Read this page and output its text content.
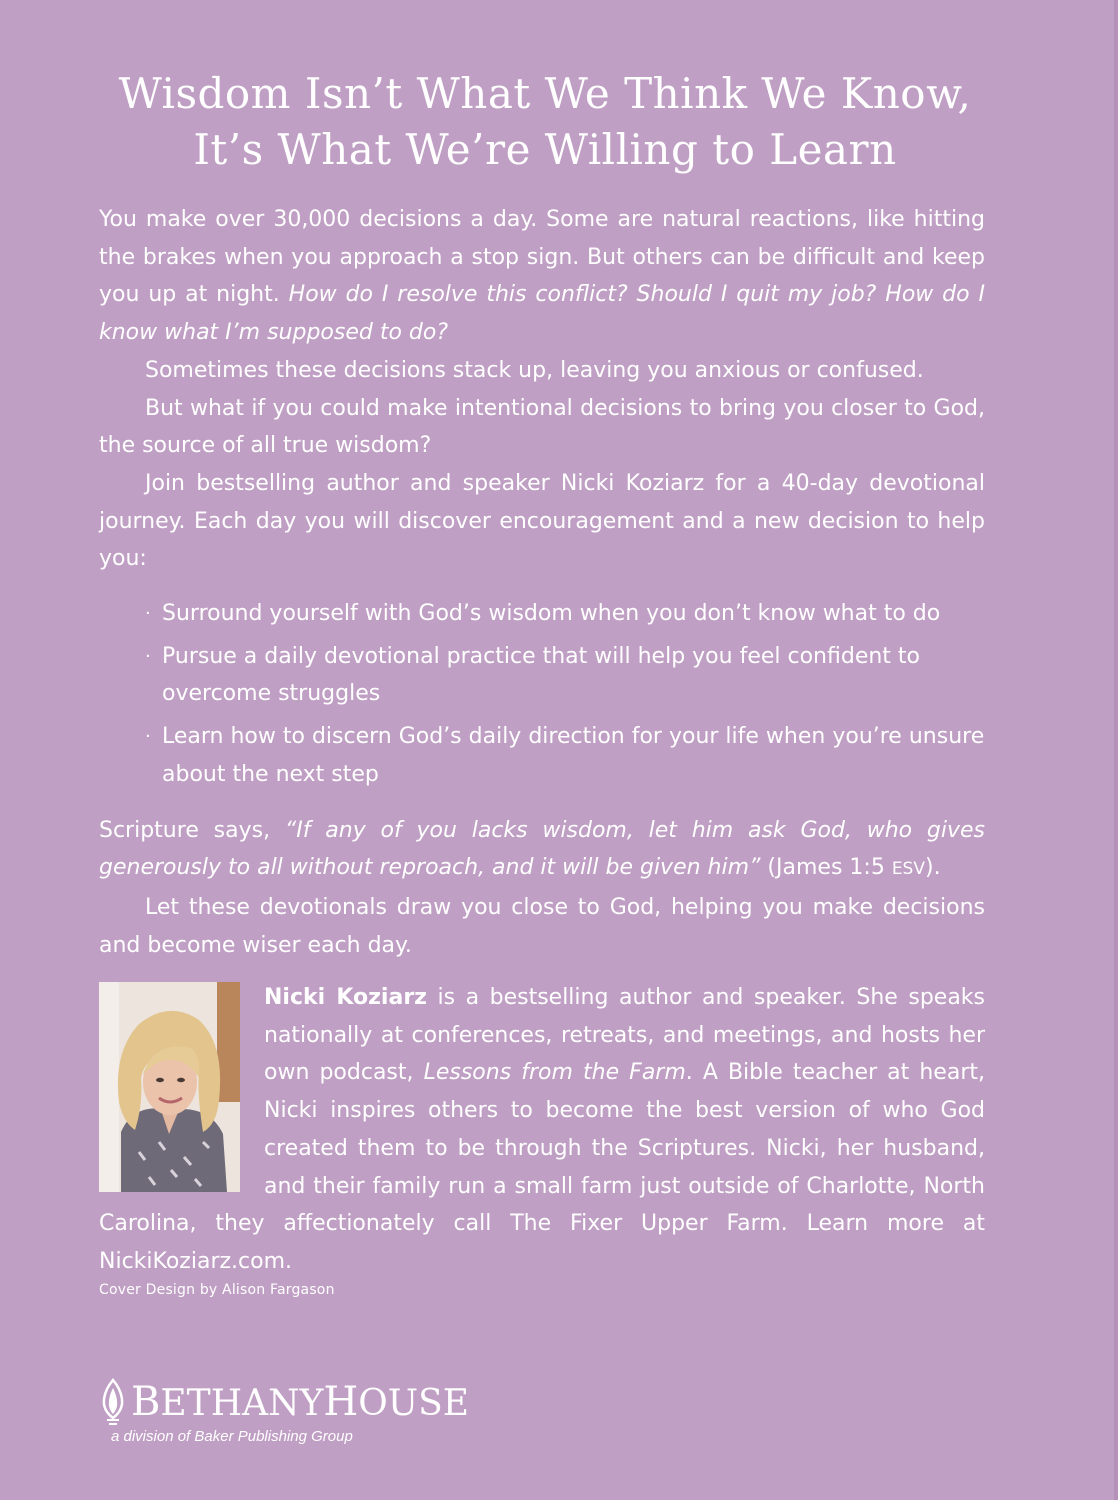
Wisdom Isn’t What We Think We Know,
It’s What We’re Willing to Learn

You make over 30,000 decisions a day. Some are natural reactions, like hitting the brakes when you approach a stop sign. But others can be difficult and keep you up at night. How do I resolve this conflict? Should I quit my job? How do I know what I’m supposed to do?

Sometimes these decisions stack up, leaving you anxious or confused.

But what if you could make intentional decisions to bring you closer to God, the source of all true wisdom?

Join bestselling author and speaker Nicki Koziarz for a 40-day devotional journey. Each day you will discover encouragement and a new decision to help you:

· Surround yourself with God’s wisdom when you don’t know what to do
· Pursue a daily devotional practice that will help you feel confident to overcome struggles
· Learn how to discern God’s daily direction for your life when you’re unsure about the next step

Scripture says, “If any of you lacks wisdom, let him ask God, who gives generously to all without reproach, and it will be given him” (James 1:5 ESV).

Let these devotionals draw you close to God, helping you make decisions and become wiser each day.

Nicki Koziarz is a bestselling author and speaker. She speaks nationally at conferences, retreats, and meetings, and hosts her own podcast, Lessons from the Farm. A Bible teacher at heart, Nicki inspires others to become the best version of who God created them to be through the Scriptures. Nicki, her husband, and their family run a small farm just outside of Charlotte, North Carolina, they affectionately call The Fixer Upper Farm. Learn more at NickiKoziarz.com.

Cover Design by Alison Fargason
BETHANYHOUSE
a division of Baker Publishing Group
